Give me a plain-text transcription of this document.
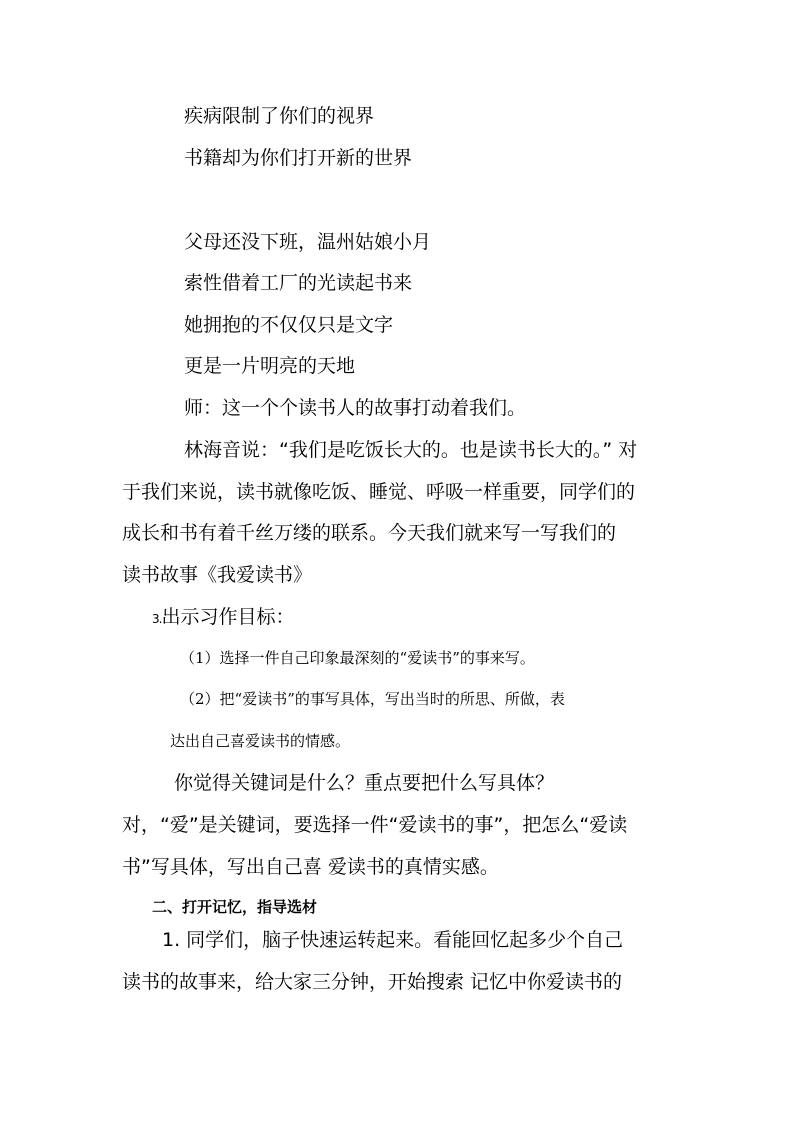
疾病限制了你们的视界
书籍却为你们打开新的世界
父母还没下班，温州姑娘小月
索性借着工厂的光读起书来
她拥抱的不仅仅只是文字
更是一片明亮的天地
师：这一个个读书人的故事打动着我们。
林海音说：“我们是吃饭长大的。也是读书长大的。” 对
于我们来说，读书就像吃饭、睡觉、呼吸一样重要，同学们的
成长和书有着千丝万缕的联系。今天我们就来写一写我们的
读书故事《我爱读书》
3.出示习作目标：
（1）选择一件自己印象最深刻的“爱读书”的事来写。
（2）把“爱读书”的事写具体，写出当时的所思、所做，表
达出自己喜爱读书的情感。
你觉得关键词是什么？重点要把什么写具体？
对，“爱”是关键词，要选择一件“爱读书的事”，把怎么“爱读
书”写具体，写出自己喜 爱读书的真情实感。
二、打开记忆，指导选材
1. 同学们，脑子快速运转起来。看能回忆起多少个自己
读书的故事来，给大家三分钟，开始搜索 记忆中你爱读书的
